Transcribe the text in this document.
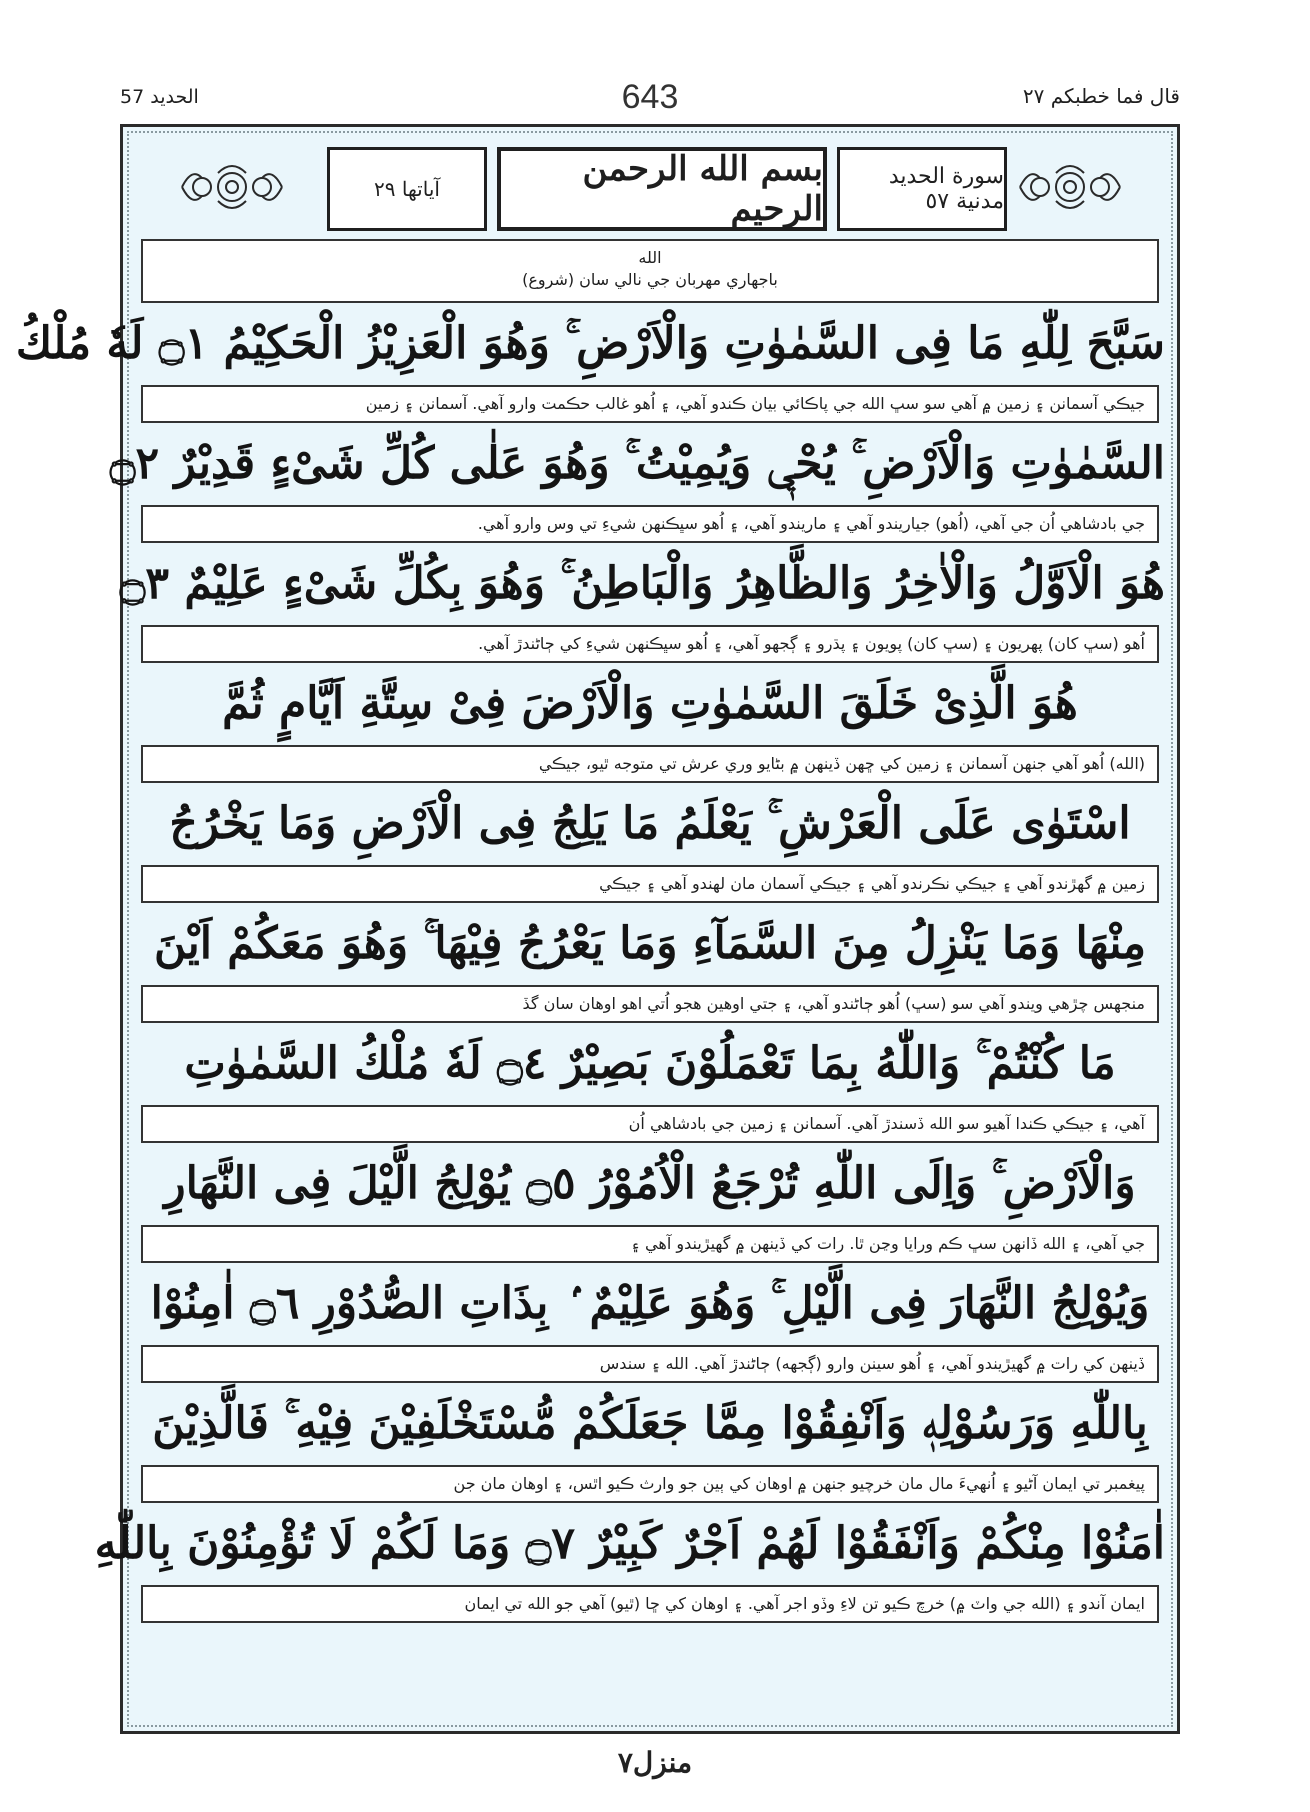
الحديد 57	643	قال فما خطبكم ٢٧
آياتها ٢٩	بسم الله الرحمن الرحيم
سورة الحديد مدنية ٥٧
الله
باجهاري مهربان جي نالي سان (شروع)
سَبَّحَ لِلّٰهِ مَا فِى السَّمٰوٰتِ وَالْاَرْضِ ۚ وَهُوَ الْعَزِيْزُ الْحَكِيْمُ ۝١ لَهٗ مُلْكُ
جيڪي آسمانن ۽ زمين ۾ آهي سو سڀ الله جي پاڪائي بيان ڪندو آهي، ۽ اُهو غالب حڪمت وارو آهي. آسمانن ۽ زمين
السَّمٰوٰتِ وَالْاَرْضِ ۚ يُحْيٖ وَيُمِيْتُ ۚ وَهُوَ عَلٰى كُلِّ شَىْءٍ قَدِيْرٌ ۝٢
جي بادشاهي اُن جي آهي، (اُهو) جياريندو آهي ۽ ماريندو آهي، ۽ اُهو سڀڪنهن شيءِ تي وس وارو آهي.
هُوَ الْاَوَّلُ وَالْاٰخِرُ وَالظَّاهِرُ وَالْبَاطِنُ ۚ وَهُوَ بِكُلِّ شَىْءٍ عَلِيْمٌ ۝٣
اُهو (سڀ کان) پهريون ۽ (سڀ کان) پويون ۽ پڌرو ۽ ڳجهو آهي، ۽ اُهو سڀڪنهن شيءِ کي ڄاڻندڙ آهي.
هُوَ الَّذِىْ خَلَقَ السَّمٰوٰتِ وَالْاَرْضَ فِىْ سِتَّةِ اَيَّامٍ ثُمَّ
(الله) اُهو آهي جنهن آسمانن ۽ زمين کي ڇهن ڏينهن ۾ بڻايو وري عرش تي متوجه ٿيو، جيڪي
اسْتَوٰى عَلَى الْعَرْشِ ۚ يَعْلَمُ مَا يَلِجُ فِى الْاَرْضِ وَمَا يَخْرُجُ
زمين ۾ گهڙندو آهي ۽ جيڪي نڪرندو آهي ۽ جيڪي آسمان مان لهندو آهي ۽ جيڪي
مِنْهَا وَمَا يَنْزِلُ مِنَ السَّمَآءِ وَمَا يَعْرُجُ فِيْهَا ۚ وَهُوَ مَعَكُمْ اَيْنَ
منجهس چڙهي ويندو آهي سو (سڀ) اُهو ڄاڻندو آهي، ۽ جتي اوهين هجو اُتي اهو اوهان سان گڏ
مَا كُنْتُمْ ۚ وَاللّٰهُ بِمَا تَعْمَلُوْنَ بَصِيْرٌ ۝٤ لَهٗ مُلْكُ السَّمٰوٰتِ
آهي، ۽ جيڪي ڪندا آهيو سو الله ڏسندڙ آهي. آسمانن ۽ زمين جي بادشاهي اُن
وَالْاَرْضِ ۚ وَاِلَى اللّٰهِ تُرْجَعُ الْاُمُوْرُ ۝٥ يُوْلِجُ الَّيْلَ فِى النَّهَارِ
جي آهي، ۽ الله ڏانهن سڀ ڪم ورايا وڃن ٿا. رات کي ڏينهن ۾ گهيڙيندو آهي ۽
وَيُوْلِجُ النَّهَارَ فِى الَّيْلِ ۚ وَهُوَ عَلِيْمٌ ۢ بِذَاتِ الصُّدُوْرِ ۝٦ اٰمِنُوْا
ڏينهن کي رات ۾ گهيڙيندو آهي، ۽ اُهو سينن وارو (ڳجهه) ڄاڻندڙ آهي. الله ۽ سندس
بِاللّٰهِ وَرَسُوْلِهٖ وَاَنْفِقُوْا مِمَّا جَعَلَكُمْ مُّسْتَخْلَفِيْنَ فِيْهِ ۚ فَالَّذِيْنَ
پيغمبر تي ايمان آڻيو ۽ اُنهيءَ مال مان خرچيو جنهن ۾ اوهان کي ٻين جو وارث ڪيو اٿس، ۽ اوهان مان جن
اٰمَنُوْا مِنْكُمْ وَاَنْفَقُوْا لَهُمْ اَجْرٌ كَبِيْرٌ ۝٧ وَمَا لَكُمْ لَا تُؤْمِنُوْنَ بِاللّٰهِ
ايمان آندو ۽ (الله جي واٽ ۾) خرچ ڪيو تن لاءِ وڏو اجر آهي. ۽ اوهان کي ڇا (ٿيو) آهي جو الله تي ايمان
منزل٧
